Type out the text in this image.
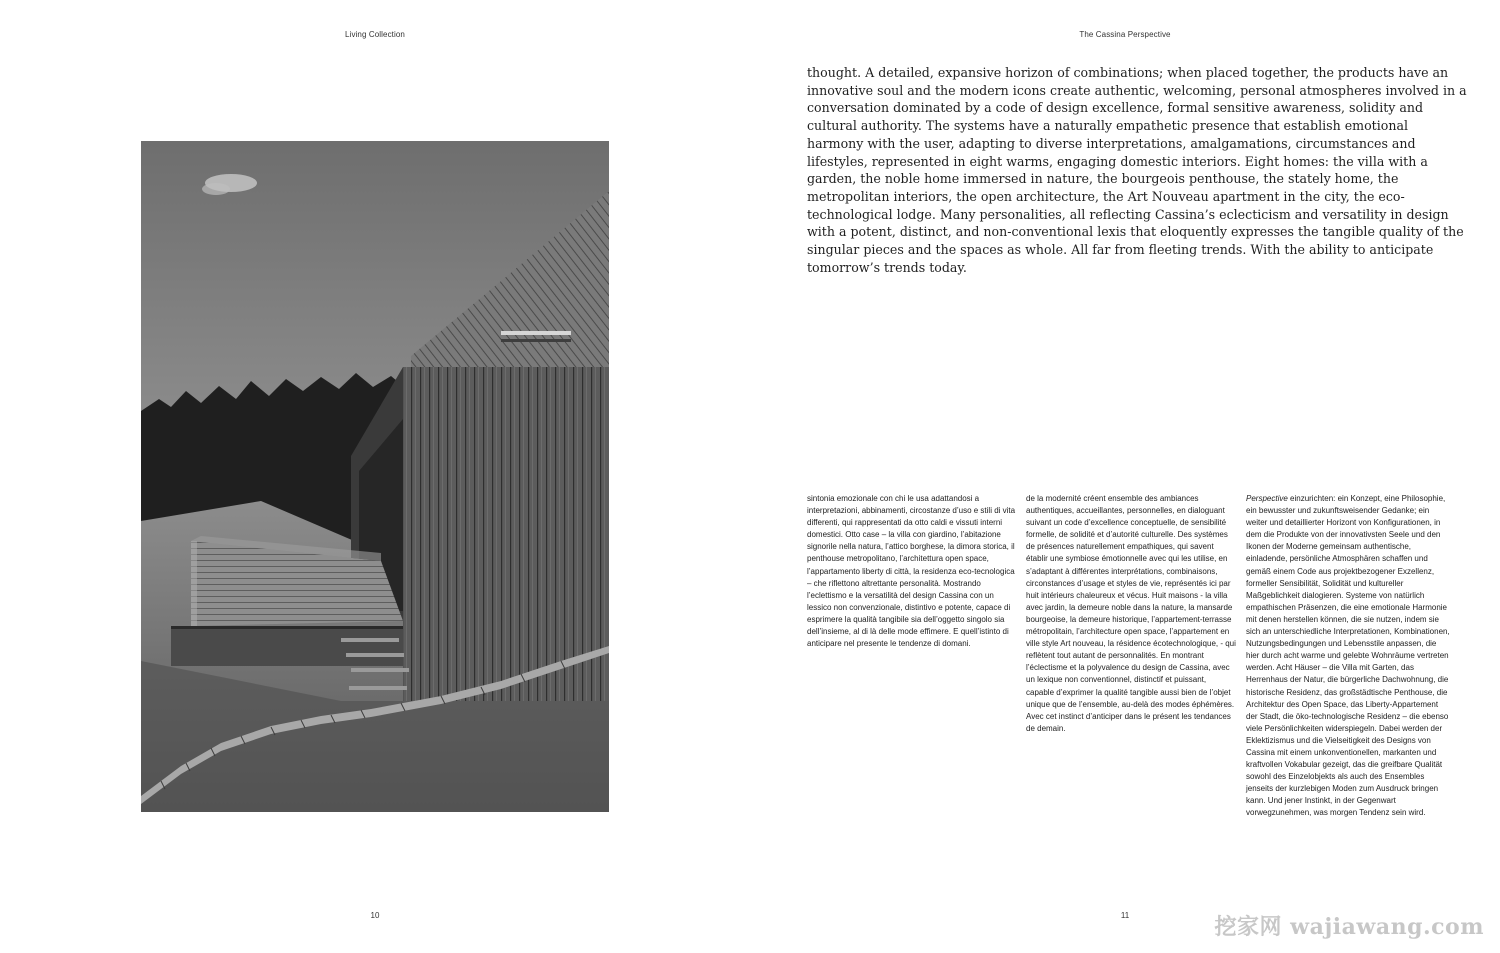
Living Collection
10
The Cassina Perspective

thought. A detailed, expansive horizon of combinations; when placed together, the products have an innovative soul and the modern icons create authentic, welcoming, personal atmospheres involved in a conversation dominated by a code of design excellence, formal sensitive awareness, solidity and cultural authority. The systems have a naturally empathetic presence that establish emotional harmony with the user, adapting to diverse interpretations, amalgamations, circumstances and lifestyles, represented in eight warms, engaging domestic interiors. Eight homes: the villa with a garden, the noble home immersed in nature, the bourgeois penthouse, the stately home, the metropolitan interiors, the open architecture, the Art Nouveau apartment in the city, the eco-technological lodge. Many personalities, all reflecting Cassina’s eclecticism and versatility in design with a potent, distinct, and non-conventional lexis that eloquently expresses the tangible quality of the singular pieces and the spaces as whole. All far from fleeting trends. With the ability to anticipate tomorrow’s trends today.

sintonia emozionale con chi le usa adattandosi a interpretazioni, abbinamenti, circostanze d’uso e stili di vita differenti, qui rappresentati da otto caldi e vissuti interni domestici. Otto case – la villa con giardino, l’abitazione signorile nella natura, l’attico borghese, la dimora storica, il penthouse metropolitano, l’architettura open space, l’appartamento liberty di città, la residenza eco-tecnologica – che riflettono altrettante personalità. Mostrando l’eclettismo e la versatilità del design Cassina con un lessico non convenzionale, distintivo e potente, capace di esprimere la qualità tangibile sia dell’oggetto singolo sia dell’insieme, al di là delle mode effimere. E quell’istinto di anticipare nel presente le tendenze di domani.

de la modernité créent ensemble des ambiances authentiques, accueillantes, personnelles, en dialoguant suivant un code d’excellence conceptuelle, de sensibilité formelle, de solidité et d’autorité culturelle. Des systèmes de présences naturellement empathiques, qui savent établir une symbiose émotionnelle avec qui les utilise, en s’adaptant à différentes interprétations, combinaisons, circonstances d’usage et styles de vie, représentés ici par huit intérieurs chaleureux et vécus. Huit maisons - la villa avec jardin, la demeure noble dans la nature, la mansarde bourgeoise, la demeure historique, l’appartement-terrasse métropolitain, l’architecture open space, l’appartement en ville style Art nouveau, la résidence écotechnologique, - qui reflètent tout autant de personnalités. En montrant l’éclectisme et la polyvalence du design de Cassina, avec un lexique non conventionnel, distinctif et puissant, capable d’exprimer la qualité tangible aussi bien de l’objet unique que de l’ensemble, au-delà des modes éphémères. Avec cet instinct d’anticiper dans le présent les tendances de demain.

Perspective einzurichten: ein Konzept, eine Philosophie, ein bewusster und zukunftsweisender Gedanke; ein weiter und detaillierter Horizont von Konfigurationen, in dem die Produkte von der innovativsten Seele und den Ikonen der Moderne gemeinsam authentische, einladende, persönliche Atmosphären schaffen und gemäß einem Code aus projektbezogener Exzellenz, formeller Sensibilität, Solidität und kultureller Maßgeblichkeit dialogieren. Systeme von natürlich empathischen Präsenzen, die eine emotionale Harmonie mit denen herstellen können, die sie nutzen, indem sie sich an unterschiedliche Interpretationen, Kombinationen, Nutzungsbedingungen und Lebensstile anpassen, die hier durch acht warme und gelebte Wohnräume vertreten werden. Acht Häuser – die Villa mit Garten, das Herrenhaus der Natur, die bürgerliche Dachwohnung, die historische Residenz, das großstädtische Penthouse, die Architektur des Open Space, das Liberty-Appartement der Stadt, die öko-technologische Residenz – die ebenso viele Persönlichkeiten widerspiegeln. Dabei werden der Eklektizismus und die Vielseitigkeit des Designs von Cassina mit einem unkonventionellen, markanten und kraftvollen Vokabular gezeigt, das die greifbare Qualität sowohl des Einzelobjekts als auch des Ensembles jenseits der kurzlebigen Moden zum Ausdruck bringen kann. Und jener Instinkt, in der Gegenwart vorwegzunehmen, was morgen Tendenz sein wird.

11	挖家网 wajiawang.com
